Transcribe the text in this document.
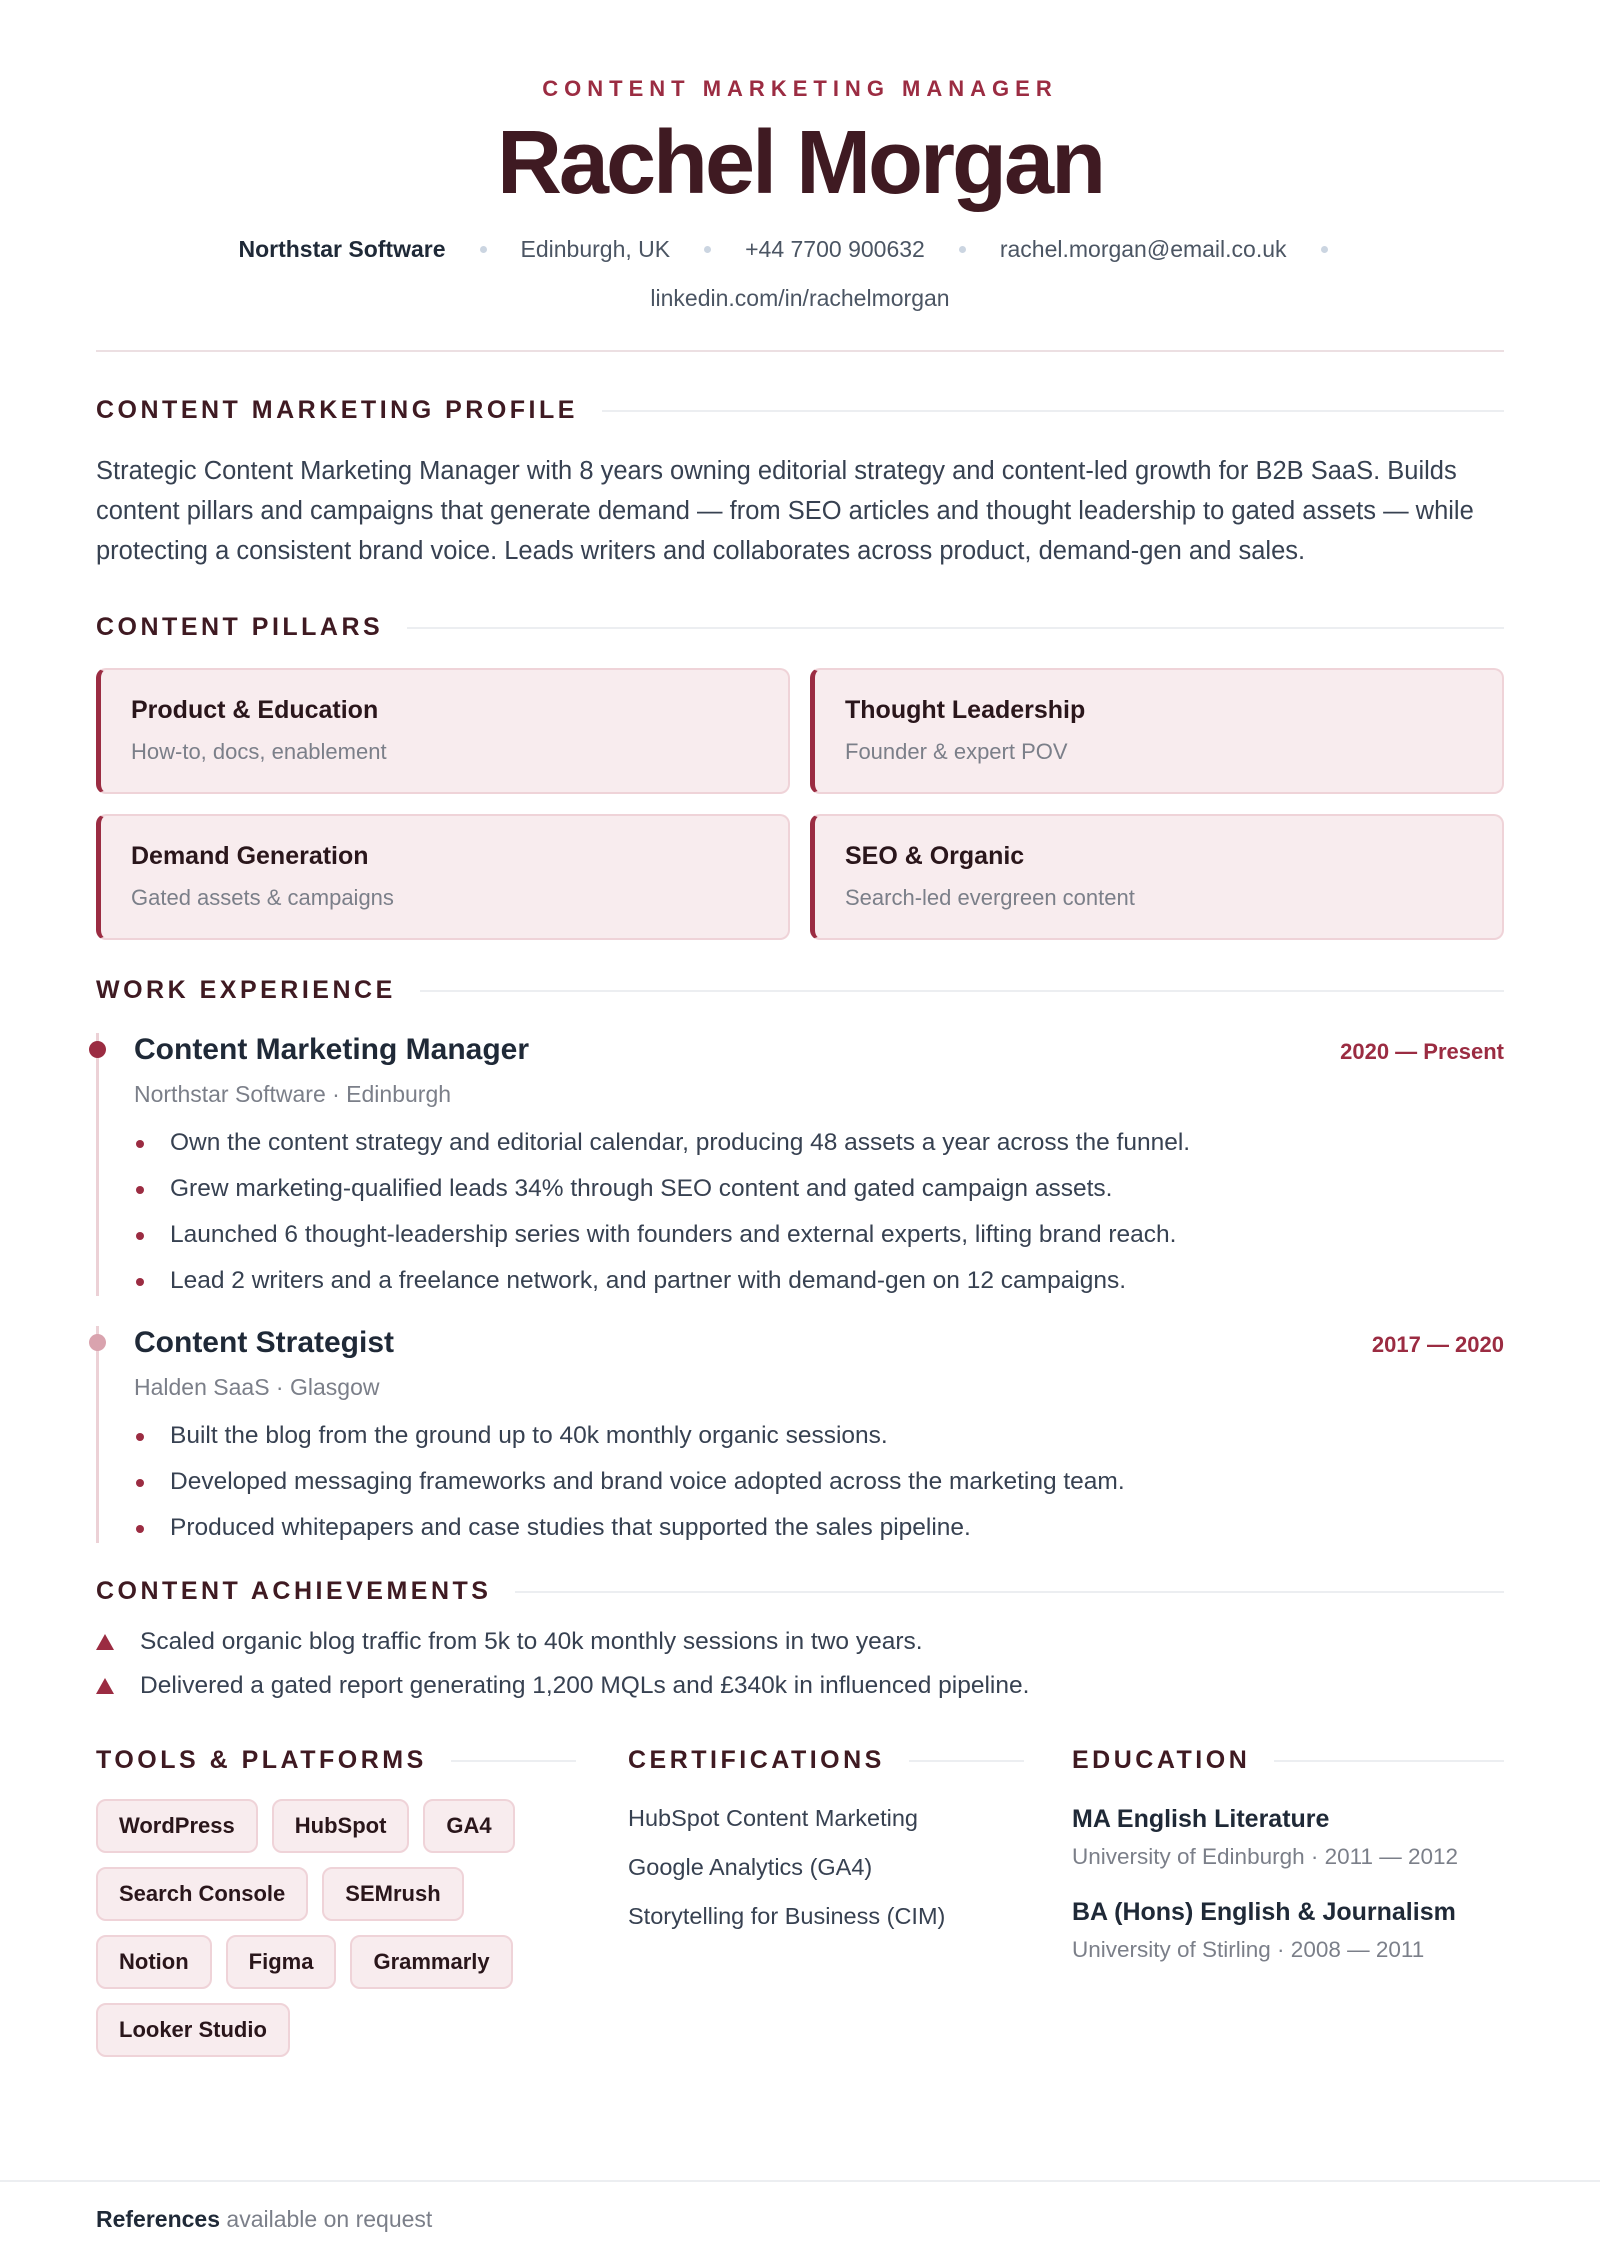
CONTENT MARKETING MANAGER
Rachel Morgan
Northstar Software	Edinburgh, UK	+44 7700 900632	rachel.morgan@email.co.uk
linkedin.com/in/rachelmorgan
CONTENT MARKETING PROFILE

Strategic Content Marketing Manager with 8 years owning editorial strategy and content-led growth for B2B SaaS. Builds content pillars and campaigns that generate demand — from SEO articles and thought leadership to gated assets — while protecting a consistent brand voice. Leads writers and collaborates across product, demand-gen and sales.

CONTENT PILLARS
Product & Education
How-to, docs, enablement
Thought Leadership
Founder & expert POV
Demand Generation
Gated assets & campaigns
SEO & Organic
Search-led evergreen content
WORK EXPERIENCE
Content Marketing Manager	2020 — Present
Northstar Software · Edinburgh
Own the content strategy and editorial calendar, producing 48 assets a year across the funnel.
Grew marketing-qualified leads 34% through SEO content and gated campaign assets.
Launched 6 thought-leadership series with founders and external experts, lifting brand reach.
Lead 2 writers and a freelance network, and partner with demand-gen on 12 campaigns.
Content Strategist	2017 — 2020
Halden SaaS · Glasgow
Built the blog from the ground up to 40k monthly organic sessions.
Developed messaging frameworks and brand voice adopted across the marketing team.
Produced whitepapers and case studies that supported the sales pipeline.
CONTENT ACHIEVEMENTS
Scaled organic blog traffic from 5k to 40k monthly sessions in two years.
Delivered a gated report generating 1,200 MQLs and £340k in influenced pipeline.
TOOLS & PLATFORMS
WordPress	HubSpot	GA4
Search Console	SEMrush
Notion	Figma	Grammarly
Looker Studio
CERTIFICATIONS
HubSpot Content Marketing
Google Analytics (GA4)
Storytelling for Business (CIM)
EDUCATION
MA English Literature
University of Edinburgh · 2011 — 2012
BA (Hons) English & Journalism
University of Stirling · 2008 — 2011
References available on request
